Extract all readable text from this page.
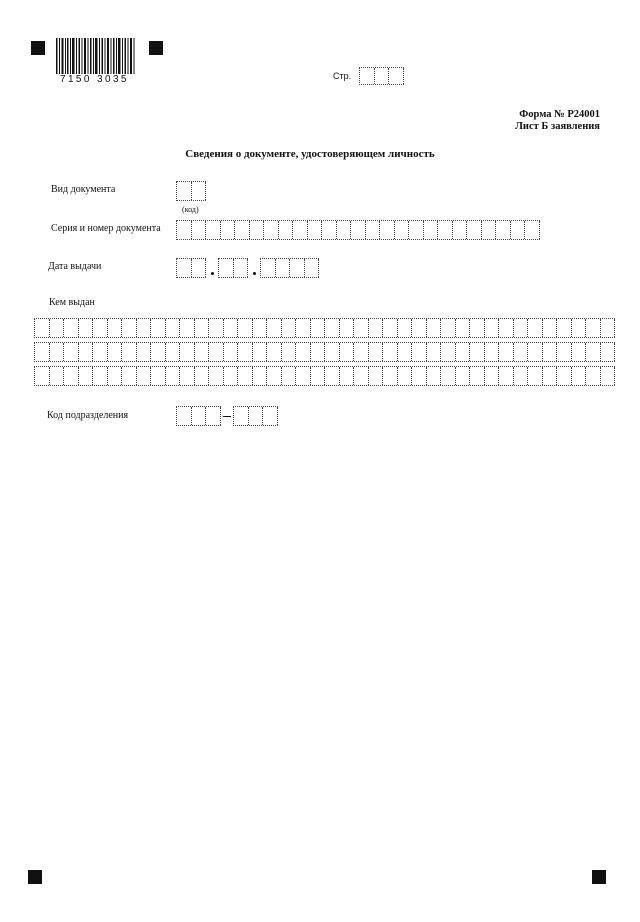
7150 3035	Стр.
Форма № Р24001
Лист Б заявления
Сведения о документе, удостоверяющем личность
Вид документа
(код)
Серия и номер документа
Дата выдачи
Кем выдан
Код подразделения
